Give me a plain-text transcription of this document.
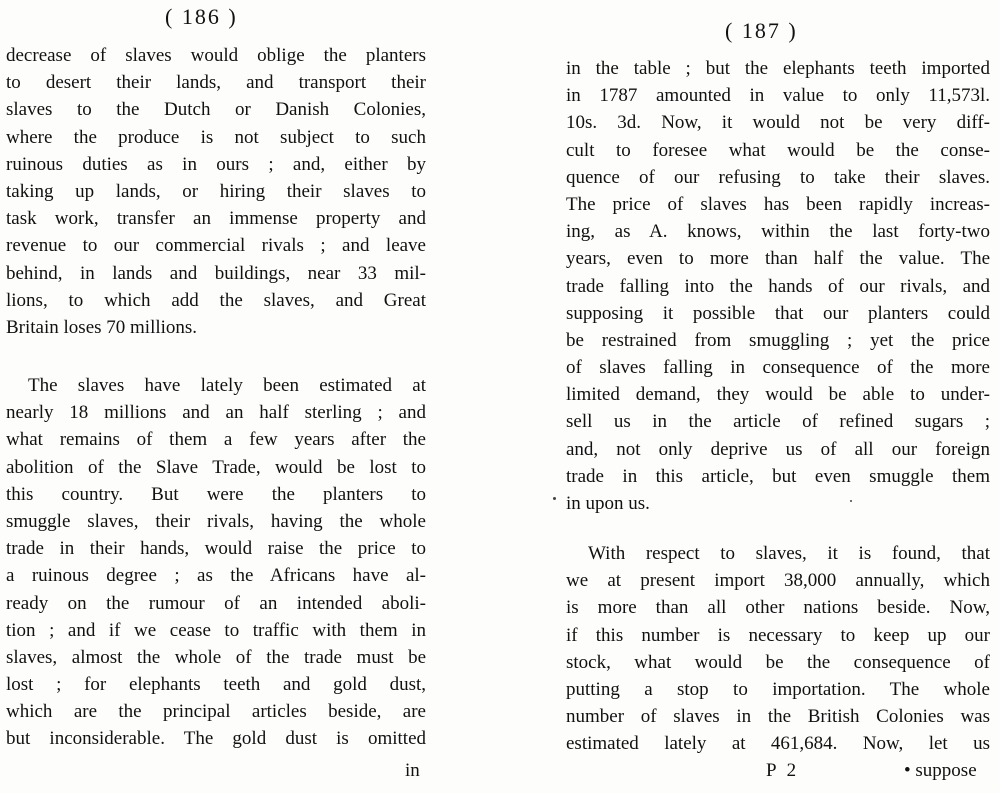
( 186 )
decrease of slaves would oblige the planters
to desert their lands, and transport their
slaves to the Dutch or Danish Colonies,
where the produce is not subject to such
ruinous duties as in ours ; and, either by
taking up lands, or hiring their slaves to
task work, transfer an immense property and
revenue to our commercial rivals ; and leave
behind, in lands and buildings, near 33 mil-
lions, to which add the slaves, and Great
Britain loses 70 millions.
The slaves have lately been estimated at
nearly 18 millions and an half sterling ; and
what remains of them a few years after the
abolition of the Slave Trade, would be lost to
this country. But were the planters to
smuggle slaves, their rivals, having the whole
trade in their hands, would raise the price to
a ruinous degree ; as the Africans have al-
ready on the rumour of an intended aboli-
tion ; and if we cease to traffic with them in
slaves, almost the whole of the trade must be
lost ; for elephants teeth and gold dust,
which are the principal articles beside, are
but inconsiderable. The gold dust is omitted
in
( 187 )
in the table ; but the elephants teeth imported
in 1787 amounted in value to only 11,573l.
10s. 3d. Now, it would not be very diff-
cult to foresee what would be the conse-
quence of our refusing to take their slaves.
The price of slaves has been rapidly increas-
ing, as A. knows, within the last forty-two
years, even to more than half the value. The
trade falling into the hands of our rivals, and
supposing it possible that our planters could
be restrained from smuggling ; yet the price
of slaves falling in consequence of the more
limited demand, they would be able to under-
sell us in the article of refined sugars ;
and, not only deprive us of all our foreign
trade in this article, but even smuggle them
in upon us.
With respect to slaves, it is found, that
we at present import 38,000 annually, which
is more than all other nations beside. Now,
if this number is necessary to keep up our
stock, what would be the consequence of
putting a stop to importation. The whole
number of slaves in the British Colonies was
estimated lately at 461,684. Now, let us
P 2	• suppose
